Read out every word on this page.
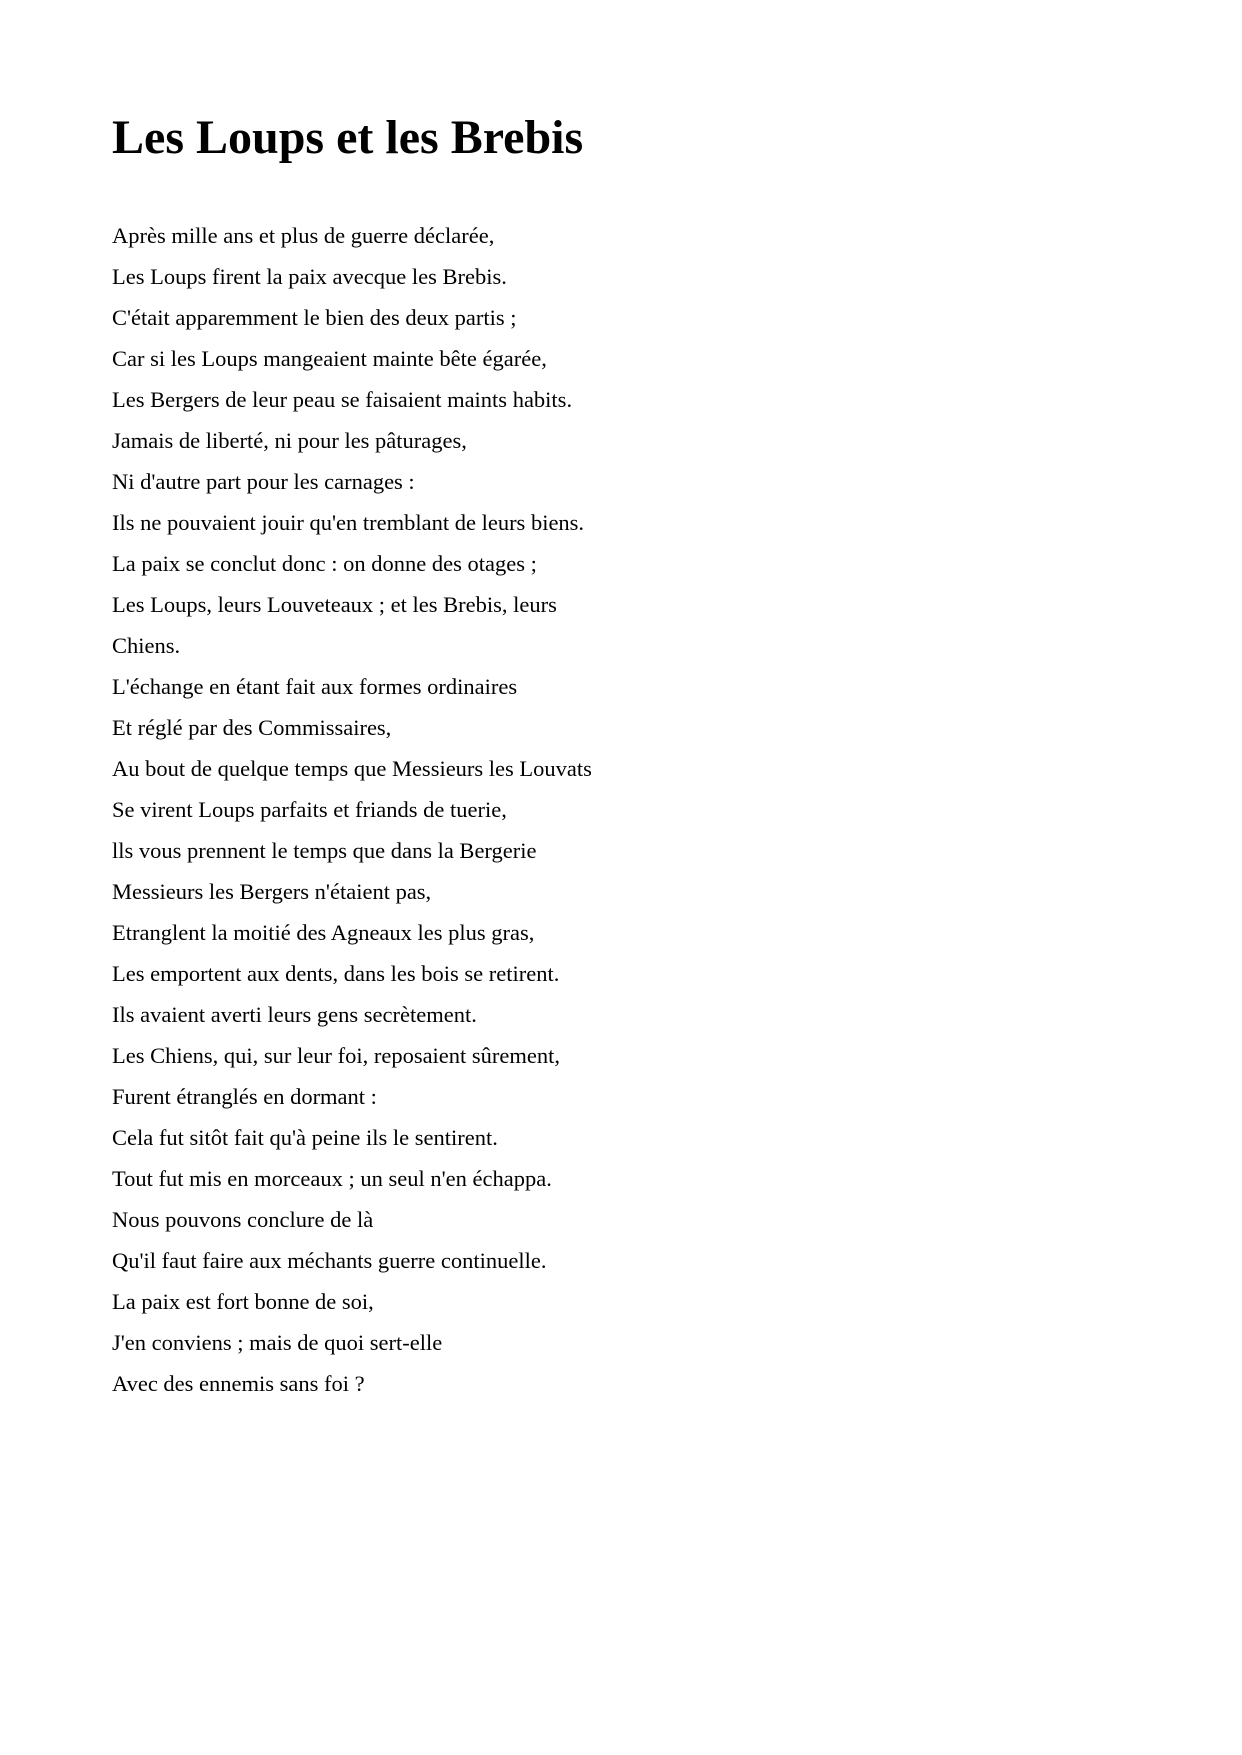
Les Loups et les Brebis
Après mille ans et plus de guerre déclarée,
Les Loups firent la paix avecque les Brebis.
C'était apparemment le bien des deux partis ;
Car si les Loups mangeaient mainte bête égarée,
Les Bergers de leur peau se faisaient maints habits.
Jamais de liberté, ni pour les pâturages,
Ni d'autre part pour les carnages :
Ils ne pouvaient jouir qu'en tremblant de leurs biens.
La paix se conclut donc : on donne des otages ;
Les Loups, leurs Louveteaux ; et les Brebis, leurs
Chiens.
L'échange en étant fait aux formes ordinaires
Et réglé par des Commissaires,
Au bout de quelque temps que Messieurs les Louvats
Se virent Loups parfaits et friands de tuerie,
lls vous prennent le temps que dans la Bergerie
Messieurs les Bergers n'étaient pas,
Etranglent la moitié des Agneaux les plus gras,
Les emportent aux dents, dans les bois se retirent.
Ils avaient averti leurs gens secrètement.
Les Chiens, qui, sur leur foi, reposaient sûrement,
Furent étranglés en dormant :
Cela fut sitôt fait qu'à peine ils le sentirent.
Tout fut mis en morceaux ; un seul n'en échappa.
Nous pouvons conclure de là
Qu'il faut faire aux méchants guerre continuelle.
La paix est fort bonne de soi,
J'en conviens ; mais de quoi sert-elle
Avec des ennemis sans foi ?
